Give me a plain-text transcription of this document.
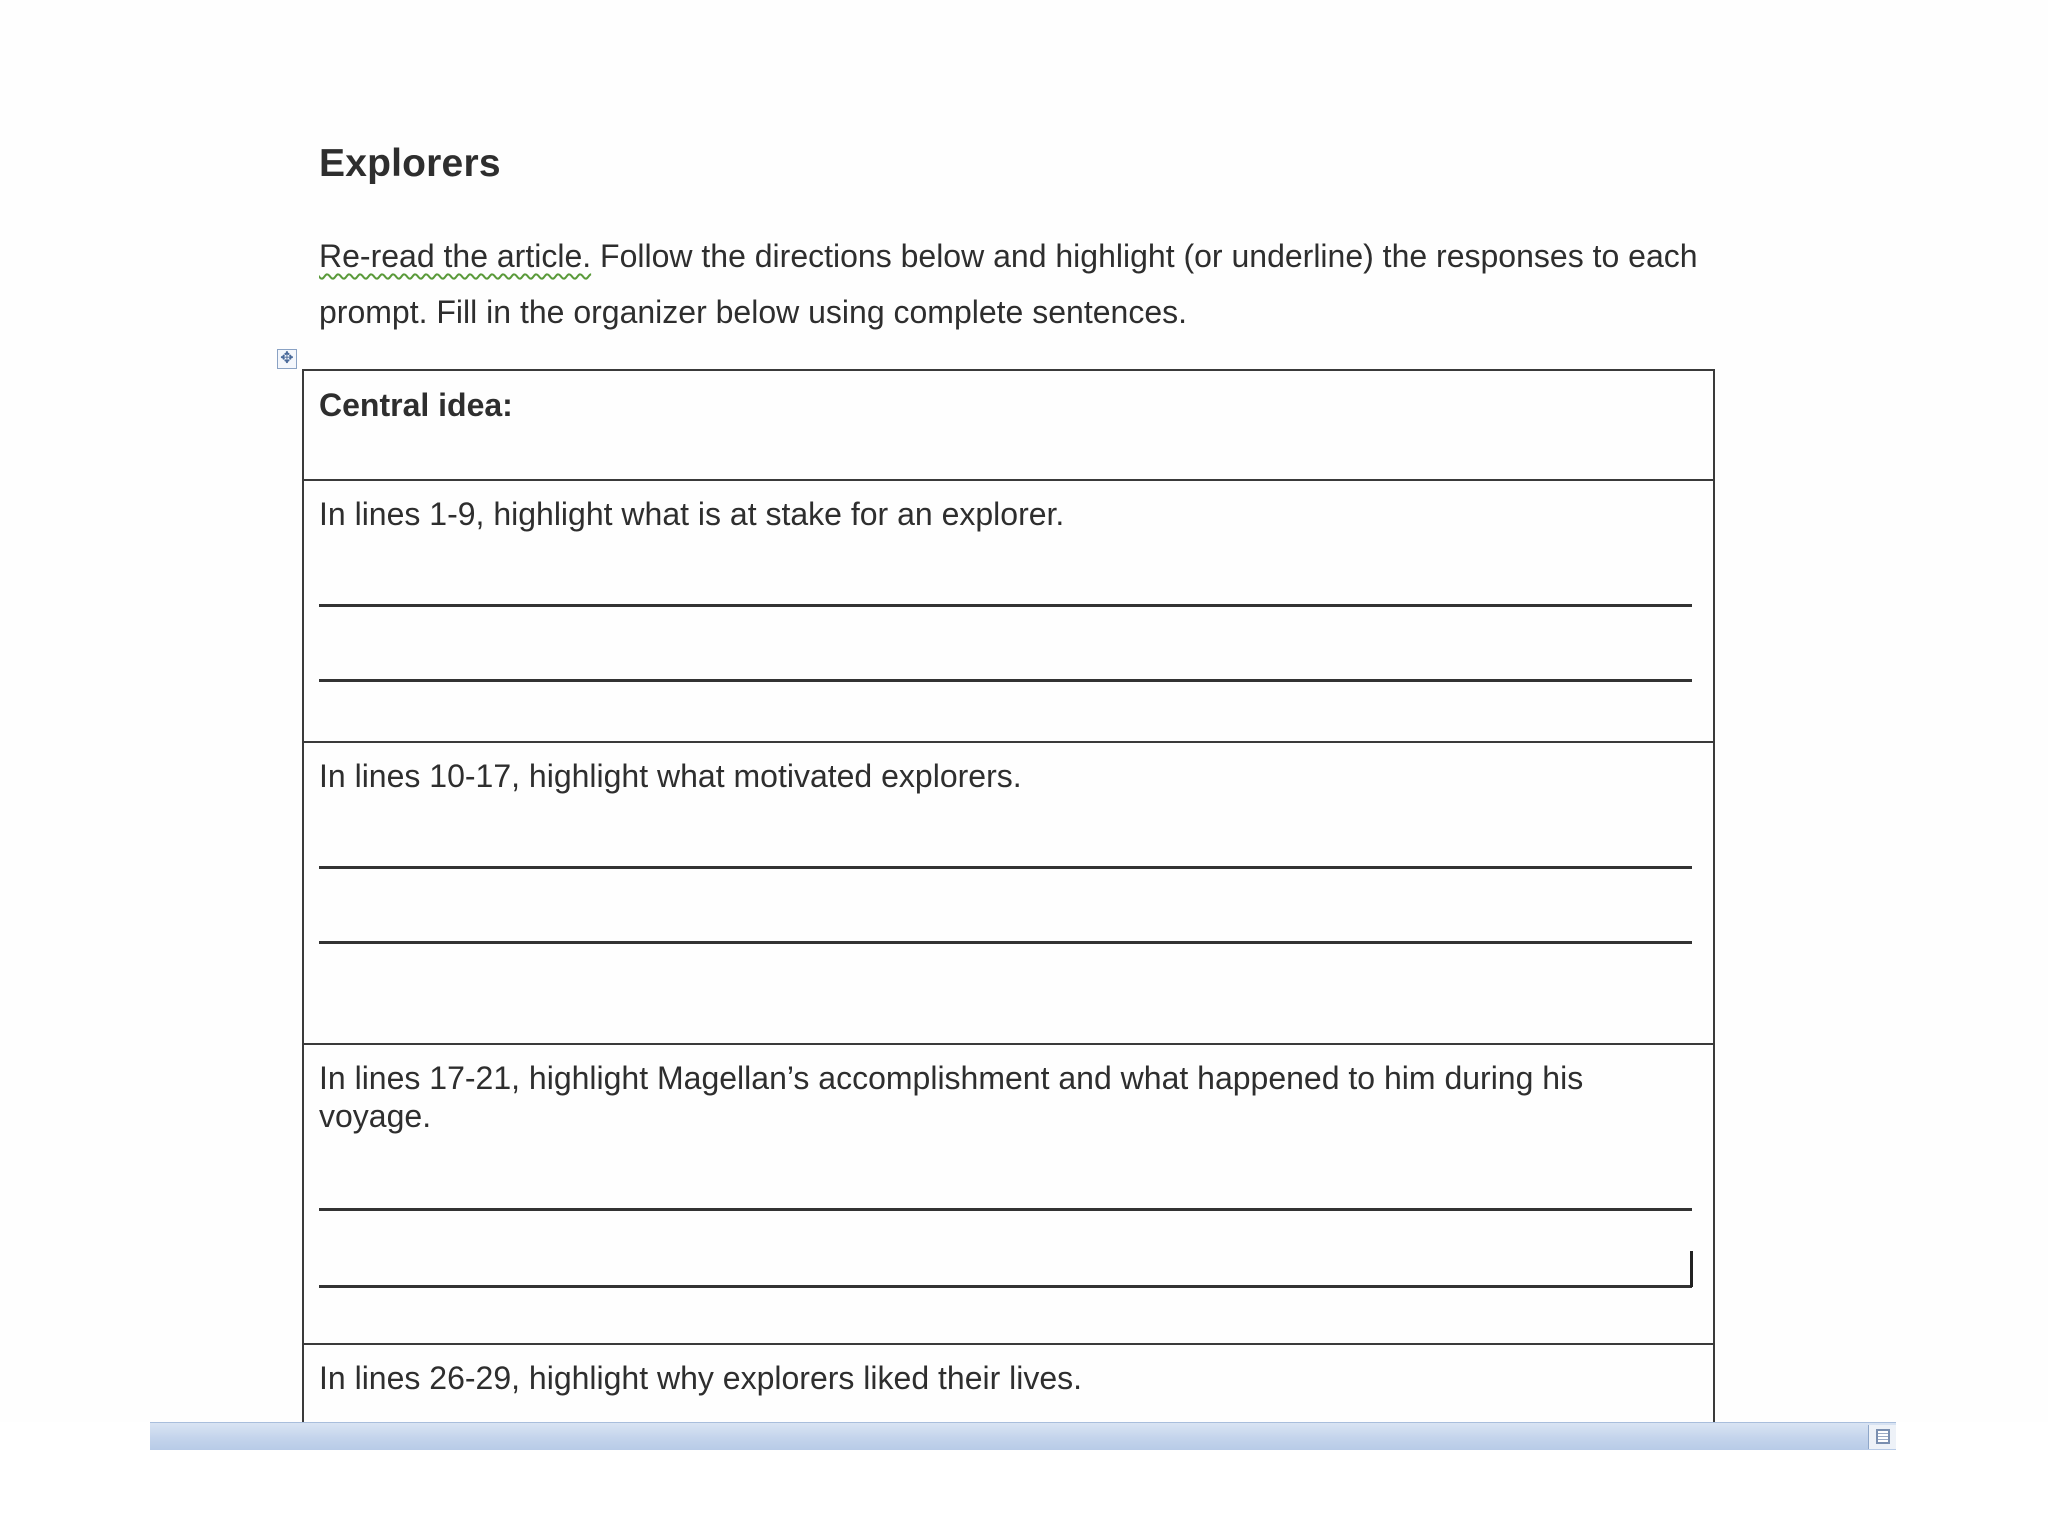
Explorers

Re-read the article. Follow the directions below and highlight (or underline) the responses to each prompt. Fill in the organizer below using complete sentences.

✥

Central idea:

In lines 1-9, highlight what is at stake for an explorer.

In lines 10-17, highlight what motivated explorers.

In lines 17-21, highlight Magellan’s accomplishment and what happened to him during his voyage.

In lines 26-29, highlight why explorers liked their lives.
